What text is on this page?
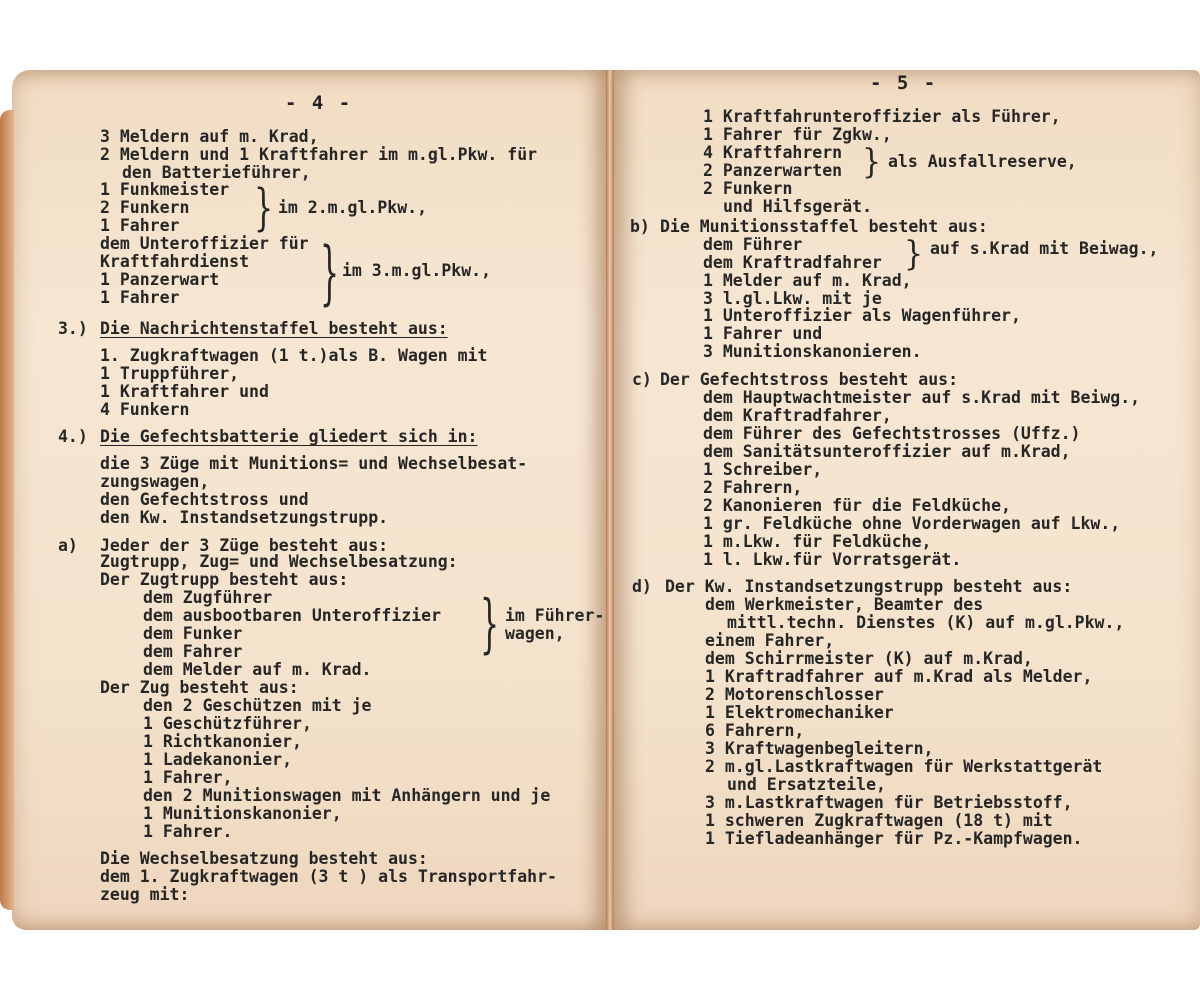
- 4 -
- 5 -
3 Meldern auf m. Krad,
2 Meldern und 1 Kraftfahrer im m.gl.Pkw. für
den Batterieführer,
1 Funkmeister
2 Funkern
1 Fahrer
im 2.m.gl.Pkw.,
dem Unteroffizier für
Kraftfahrdienst
1 Panzerwart
1 Fahrer
im 3.m.gl.Pkw.,
3.) Die Nachrichtenstaffel besteht aus:
1. Zugkraftwagen (1 t.)als B. Wagen mit
1 Truppführer,
1 Kraftfahrer und
4 Funkern
4.) Die Gefechtsbatterie gliedert sich in:
die 3 Züge mit Munitions= und Wechselbesat-
zungswagen,
den Gefechtstross und
den Kw. Instandsetzungstrupp.
a) Jeder der 3 Züge besteht aus:
Zugtrupp, Zug= und Wechselbesatzung:
Der Zugtrupp besteht aus:
dem Zugführer
dem ausbootbaren Unteroffizier
dem Funker
dem Fahrer
im Führer-
wagen,
dem Melder auf m. Krad.
Der Zug besteht aus:
den 2 Geschützen mit je
1 Geschützführer,
1 Richtkanonier,
1 Ladekanonier,
1 Fahrer,
den 2 Munitionswagen mit Anhängern und je
1 Munitionskanonier,
1 Fahrer.
Die Wechselbesatzung besteht aus:
dem 1. Zugkraftwagen (3 t ) als Transportfahr-
zeug mit:
1 Kraftfahrunteroffizier als Führer,
1 Fahrer für Zgkw.,
4 Kraftfahrern
2 Panzerwarten	als Ausfallreserve,
2 Funkern
und Hilfsgerät.
b) Die Munitionsstaffel besteht aus:
dem Führer
dem Kraftradfahrer
auf s.Krad mit Beiwag.,
1 Melder auf m. Krad,
3 l.gl.Lkw. mit je
1 Unteroffizier als Wagenführer,
1 Fahrer und
3 Munitionskanonieren.
c) Der Gefechtstross besteht aus:
dem Hauptwachtmeister auf s.Krad mit Beiwg.,
dem Kraftradfahrer,
dem Führer des Gefechtstrosses (Uffz.)
dem Sanitätsunteroffizier auf m.Krad,
1 Schreiber,
2 Fahrern,
2 Kanonieren für die Feldküche,
1 gr. Feldküche ohne Vorderwagen auf Lkw.,
1 m.Lkw. für Feldküche,
1 l. Lkw.für Vorratsgerät.
d) Der Kw. Instandsetzungstrupp besteht aus:
dem Werkmeister, Beamter des
mittl.techn. Dienstes (K) auf m.gl.Pkw.,
einem Fahrer,
dem Schirrmeister (K) auf m.Krad,
1 Kraftradfahrer auf m.Krad als Melder,
2 Motorenschlosser
1 Elektromechaniker
6 Fahrern,
3 Kraftwagenbegleitern,
2 m.gl.Lastkraftwagen für Werkstattgerät
und Ersatzteile,
3 m.Lastkraftwagen für Betriebsstoff,
1 schweren Zugkraftwagen (18 t) mit
1 Tiefladeanhänger für Pz.-Kampfwagen.
}
}
}
}
}
